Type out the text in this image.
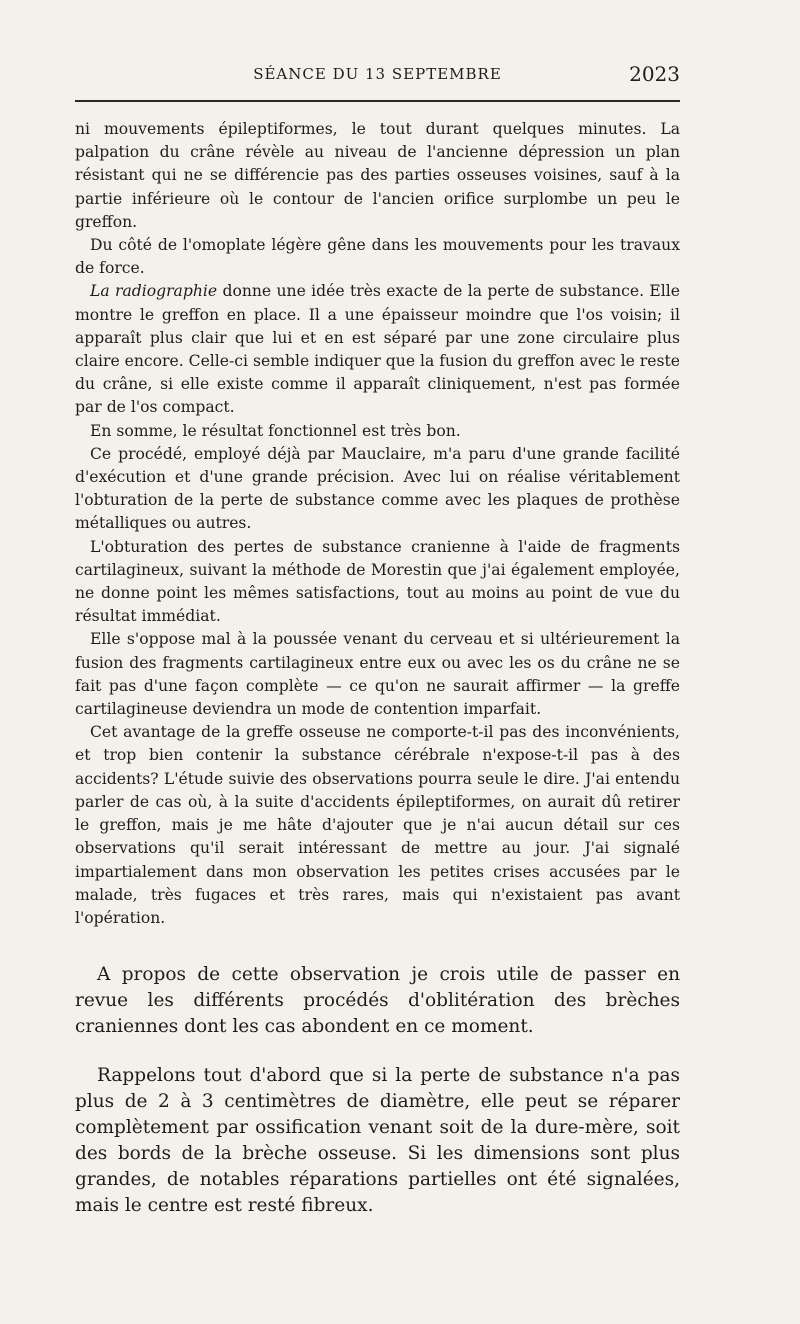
SÉANCE DU 13 SEPTEMBRE	2023

ni mouvements épileptiformes, le tout durant quelques minutes. La palpation du crâne révèle au niveau de l'ancienne dépression un plan résistant qui ne se différencie pas des parties osseuses voisines, sauf à la partie inférieure où le contour de l'ancien orifice surplombe un peu le greffon.

Du côté de l'omoplate légère gêne dans les mouvements pour les travaux de force.

La radiographie donne une idée très exacte de la perte de substance. Elle montre le greffon en place. Il a une épaisseur moindre que l'os voisin; il apparaît plus clair que lui et en est séparé par une zone circulaire plus claire encore. Celle-ci semble indiquer que la fusion du greffon avec le reste du crâne, si elle existe comme il apparaît cliniquement, n'est pas formée par de l'os compact.

En somme, le résultat fonctionnel est très bon.

Ce procédé, employé déjà par Mauclaire, m'a paru d'une grande facilité d'exécution et d'une grande précision. Avec lui on réalise véritablement l'obturation de la perte de substance comme avec les plaques de prothèse métalliques ou autres.

L'obturation des pertes de substance cranienne à l'aide de fragments cartilagineux, suivant la méthode de Morestin que j'ai également employée, ne donne point les mêmes satisfactions, tout au moins au point de vue du résultat immédiat.

Elle s'oppose mal à la poussée venant du cerveau et si ultérieurement la fusion des fragments cartilagineux entre eux ou avec les os du crâne ne se fait pas d'une façon complète — ce qu'on ne saurait affirmer — la greffe cartilagineuse deviendra un mode de contention imparfait.

Cet avantage de la greffe osseuse ne comporte-t-il pas des inconvénients, et trop bien contenir la substance cérébrale n'expose-t-il pas à des accidents? L'étude suivie des observations pourra seule le dire. J'ai entendu parler de cas où, à la suite d'accidents épileptiformes, on aurait dû retirer le greffon, mais je me hâte d'ajouter que je n'ai aucun détail sur ces observations qu'il serait intéressant de mettre au jour. J'ai signalé impartialement dans mon observation les petites crises accusées par le malade, très fugaces et très rares, mais qui n'existaient pas avant l'opération.

A propos de cette observation je crois utile de passer en revue les différents procédés d'oblitération des brèches craniennes dont les cas abondent en ce moment.

Rappelons tout d'abord que si la perte de substance n'a pas plus de 2 à 3 centimètres de diamètre, elle peut se réparer complètement par ossification venant soit de la dure-mère, soit des bords de la brèche osseuse. Si les dimensions sont plus grandes, de notables réparations partielles ont été signalées, mais le centre est resté fibreux.
